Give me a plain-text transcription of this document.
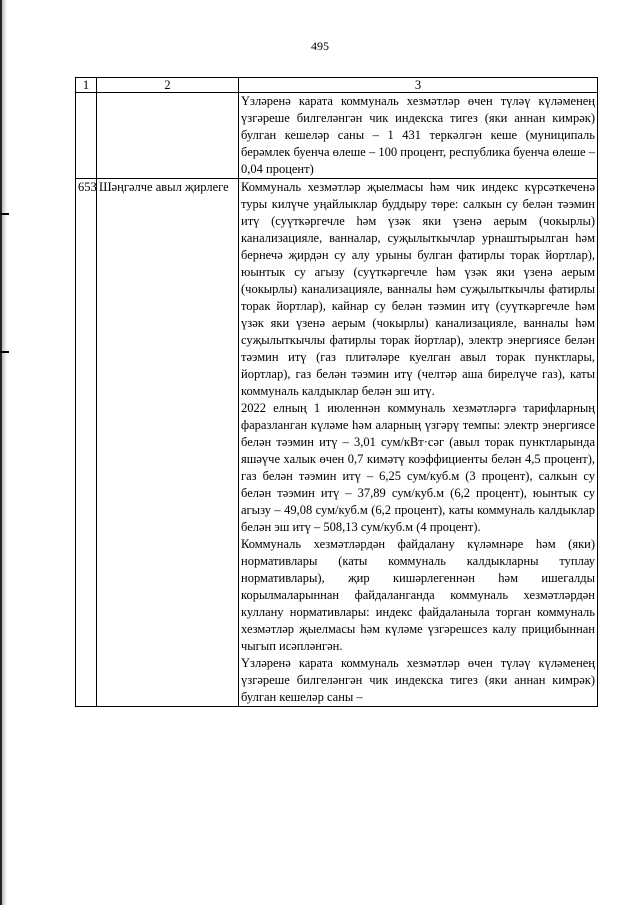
495
1	2	3

		Үзләренә карата коммуналь хезмәтләр өчен түләү күләменең үзгәреше билгеләнгән чик индекска тигез (яки аннан кимрәк) булган кешеләр саны – 1 431 теркәлгән кеше (муниципаль берәмлек буенча өлеше – 100 процент, республика буенча өлеше – 0,04 процент)

653	Шәңгәлче авыл җирлеге	Коммуналь хезмәтләр җыелмасы һәм чик индекс күрсәткеченә туры килүче уңайлыклар буддыру төре: салкын су белән тәэмин итү (суүткәргечле һәм үзәк яки үзенә аерым (чокырлы) канализацияле, ванналар, суҗылыткычлар урнаштырылган һәм бернечә җирдән су алу урыны булган фатирлы торак йортлар), юынтык су агызу (суүткәргечле һәм үзәк яки үзенә аерым (чокырлы) канализацияле, ванналы һәм суҗылыткычлы фатирлы торак йортлар), кайнар су белән тәэмин итү (суүткәргечле һәм үзәк яки үзенә аерым (чокырлы) канализацияле, ванналы һәм суҗылыткычлы фатирлы торак йортлар), электр энергиясе белән тәэмин итү (газ плитәләре куелган авыл торак пунктлары, йортлар), газ белән тәэмин итү (челтәр аша бирелүче газ), каты коммуналь калдыклар белән эш итү.

2022 елның 1 июленнән коммуналь хезмәтләргә тарифларның фаразланган күләме һәм аларның үзгәрү темпы: электр энергиясе белән тәэмин итү – 3,01 сум/кВт·сәг (авыл торак пунктларында яшәүче халык өчен 0,7 кимәтү коэффициенты белән 4,5 процент), газ белән тәэмин итү – 6,25 сум/куб.м (3 процент), салкын су белән тәэмин итү – 37,89 сум/куб.м (6,2 процент), юынтык су агызу – 49,08 сум/куб.м (6,2 процент), каты коммуналь калдыклар белән эш итү – 508,13 сум/куб.м (4 процент).

Коммуналь хезмәтләрдән файдалану күләмнәре һәм (яки) нормативлары (каты коммуналь калдыкларны туплау нормативлары), җир кишәрлегеннән һәм ишегалды корылмаларыннан файдаланганда коммуналь хезмәтләрдән куллану нормативлары: индекс файдаланыла торган коммуналь хезмәтләр җыелмасы һәм күләме үзгәрешсез калу прицибыннан чыгып исәпләнгән.

Үзләренә карата коммуналь хезмәтләр өчен түләү күләменең үзгәреше билгеләнгән чик индекска тигез (яки аннан кимрәк) булган кешеләр саны –
